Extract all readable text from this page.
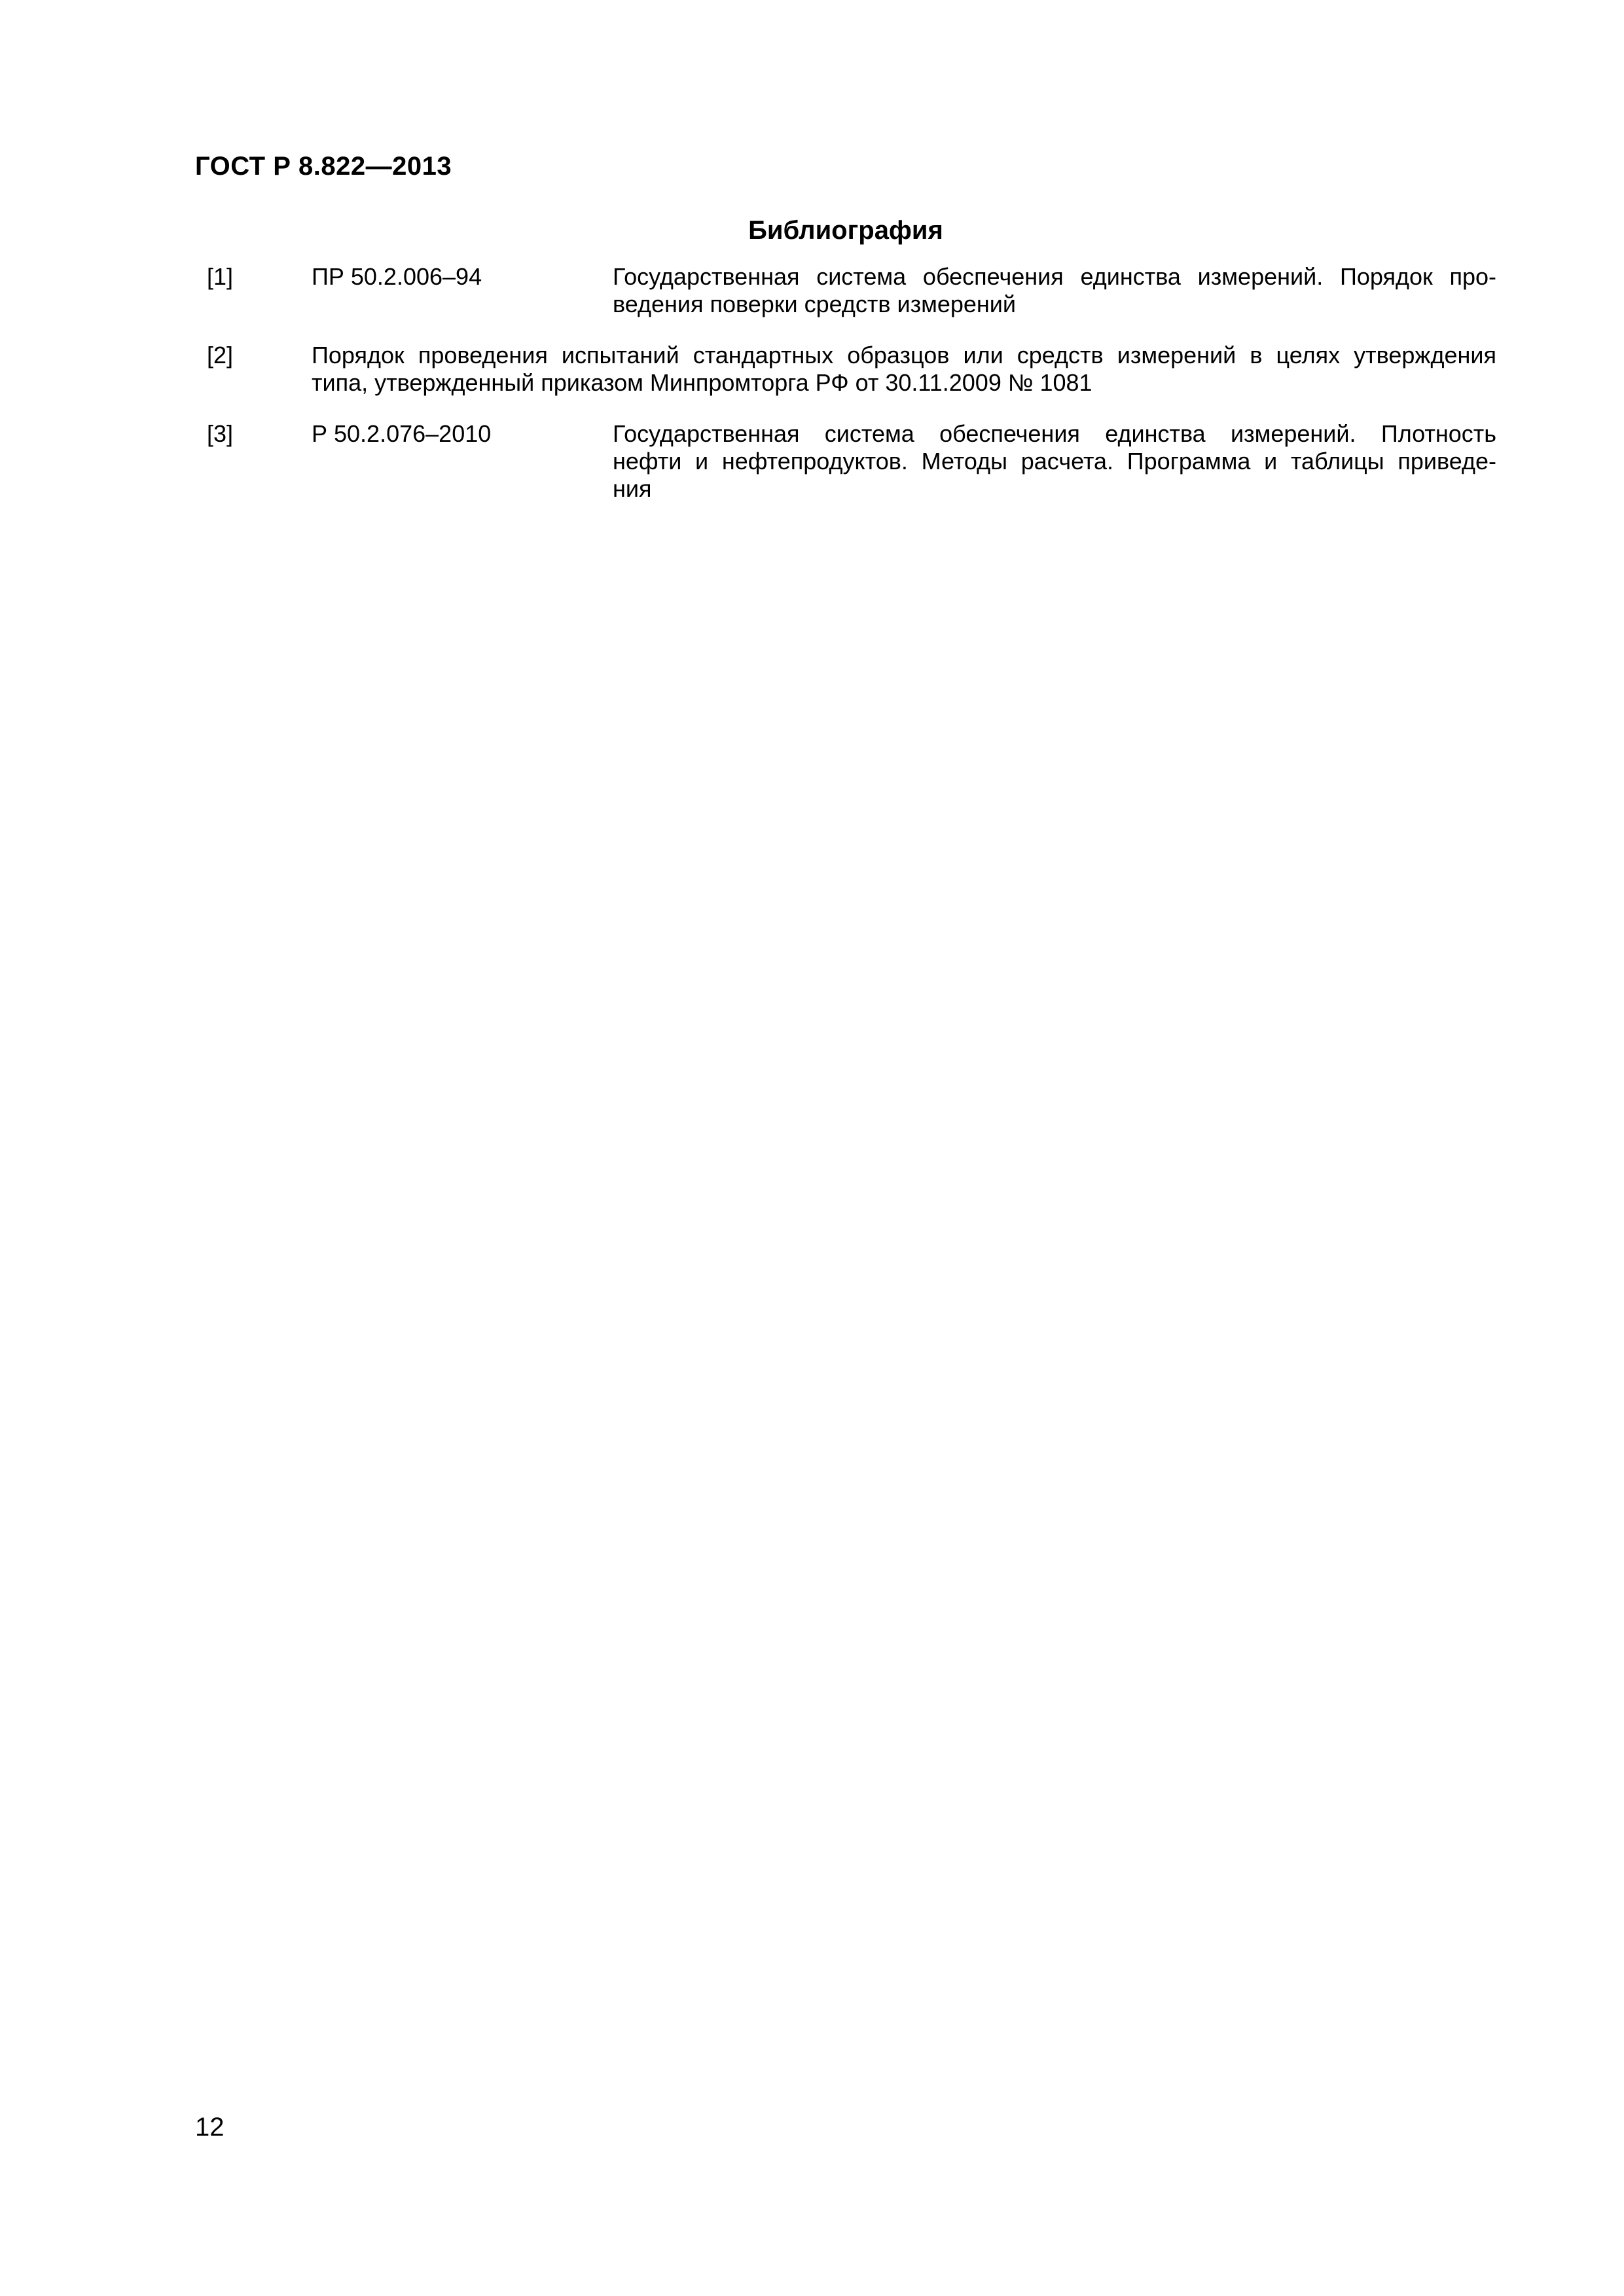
ГОСТ Р 8.822—2013
Библиография
[1]	ПР 50.2.006–94	Государственная система обеспечения единства измерений. Порядок про-
ведения поверки средств измерений
[2]	Порядок проведения испытаний стандартных образцов или средств измерений в целях утверждения
типа, утвержденный приказом Минпромторга РФ от 30.11.2009 № 1081
[3]	Р 50.2.076–2010	Государственная система обеспечения единства измерений. Плотность
нефти и нефтепродуктов. Методы расчета. Программа и таблицы приведе-
ния
12
